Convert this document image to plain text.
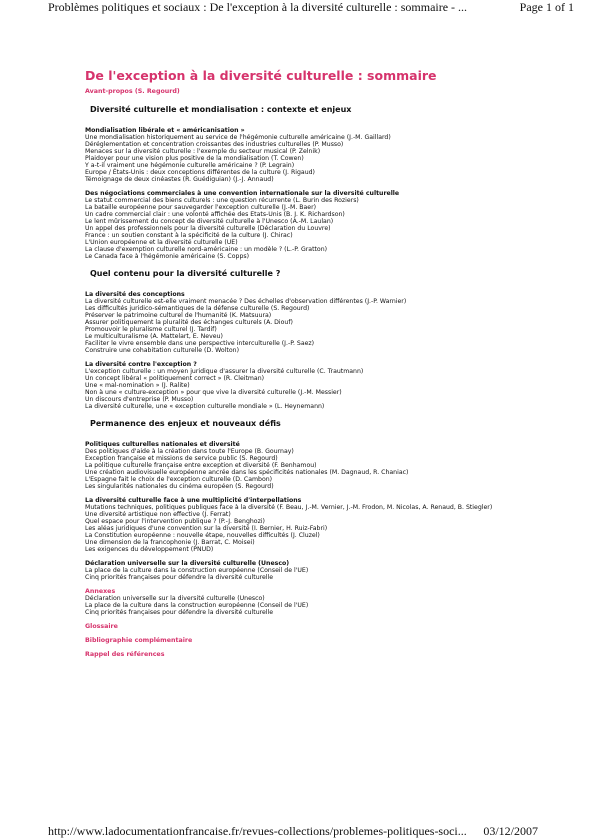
Problèmes politiques et sociaux : De l'exception à la diversité culturelle : sommaire - ...	Page 1 of 1
De l'exception à la diversité culturelle : sommaire
Avant-propos (S. Regourd)
Diversité culturelle et mondialisation : contexte et enjeux
Mondialisation libérale et « américanisation »
Une mondialisation historiquement au service de l'hégémonie culturelle américaine (J.-M. Gaillard)
Déréglementation et concentration croissantes des industries culturelles (P. Musso)
Menaces sur la diversité culturelle : l'exemple du secteur musical (P. Zelnik)
Plaidoyer pour une vision plus positive de la mondialisation (T. Cowen)
Y a-t-il vraiment une hégémonie culturelle américaine ? (P. Legrain)
Europe / États-Unis : deux conceptions différentes de la culture (J. Rigaud)
Témoignage de deux cinéastes (R. Guédiguian) (J.-J. Annaud)
Des négociations commerciales à une convention internationale sur la diversité culturelle
Le statut commercial des biens culturels : une question récurrente (L. Burin des Roziers)
La bataille européenne pour sauvegarder l'exception culturelle (J.-M. Baer)
Un cadre commercial clair : une volonté affichée des Etats-Unis (B. J. K. Richardson)
Le lent mûrissement du concept de diversité culturelle à l'Unesco (A.-M. Laulan)
Un appel des professionnels pour la diversité culturelle (Déclaration du Louvre)
France : un soutien constant à la spécificité de la culture (J. Chirac)
L'Union européenne et la diversité culturelle (UE)
La clause d'exemption culturelle nord-américaine : un modèle ? (L.-P. Gratton)
Le Canada face à l'hégémonie américaine (S. Copps)
Quel contenu pour la diversité culturelle ?
La diversité des conceptions
La diversité culturelle est-elle vraiment menacée ? Des échelles d'observation différentes (J.-P. Warnier)
Les difficultés juridico-sémantiques de la défense culturelle (S. Regourd)
Préserver le patrimoine culturel de l'humanité (K. Matsuura)
Assurer politiquement la pluralité des échanges culturels (A. Diouf)
Promouvoir le pluralisme culturel (J. Tardif)
Le multiculturalisme (A. Mattelart, E. Neveu)
Faciliter le vivre ensemble dans une perspective interculturelle (J.-P. Saez)
Construire une cohabitation culturelle (D. Wolton)
La diversité contre l'exception ?
L'exception culturelle : un moyen juridique d'assurer la diversité culturelle (C. Trautmann)
Un concept libéral « politiquement correct » (R. Cleitman)
Une « mal-nomination » (J. Ralite)
Non à une « culture-exception » pour que vive la diversité culturelle (J.-M. Messier)
Un discours d'entreprise (P. Musso)
La diversité culturelle, une « exception culturelle mondiale » (L. Heynemann)
Permanence des enjeux et nouveaux défis
Politiques culturelles nationales et diversité
Des politiques d'aide à la création dans toute l'Europe (B. Gournay)
Exception française et missions de service public (S. Regourd)
La politique culturelle française entre exception et diversité (F. Benhamou)
Une création audiovisuelle européenne ancrée dans les spécificités nationales (M. Dagnaud, R. Chaniac)
L'Espagne fait le choix de l'exception culturelle (D. Cambon)
Les singularités nationales du cinéma européen (S. Regourd)
La diversité culturelle face à une multiplicité d'interpellations
Mutations techniques, politiques publiques face à la diversité (F. Beau, J.-M. Vernier, J.-M. Frodon, M. Nicolas, A. Renaud, B. Stiegler)
Une diversité artistique non effective (J. Ferrat)
Quel espace pour l'intervention publique ? (P.-J. Benghozi)
Les aléas juridiques d'une convention sur la diversité (I. Bernier, H. Ruiz-Fabri)
La Constitution européenne : nouvelle étape, nouvelles difficultés (J. Cluzel)
Une dimension de la francophonie (J. Barrat, C. Moisei)
Les exigences du développement (PNUD)
Déclaration universelle sur la diversité culturelle (Unesco)
La place de la culture dans la construction européenne (Conseil de l'UE)
Cinq priorités françaises pour défendre la diversité culturelle
Annexes
Déclaration universelle sur la diversité culturelle (Unesco)
La place de la culture dans la construction européenne (Conseil de l'UE)
Cinq priorités françaises pour défendre la diversité culturelle
Glossaire
Bibliographie complémentaire
Rappel des références
http://www.ladocumentationfrancaise.fr/revues-collections/problemes-politiques-soci... 03/12/2007
